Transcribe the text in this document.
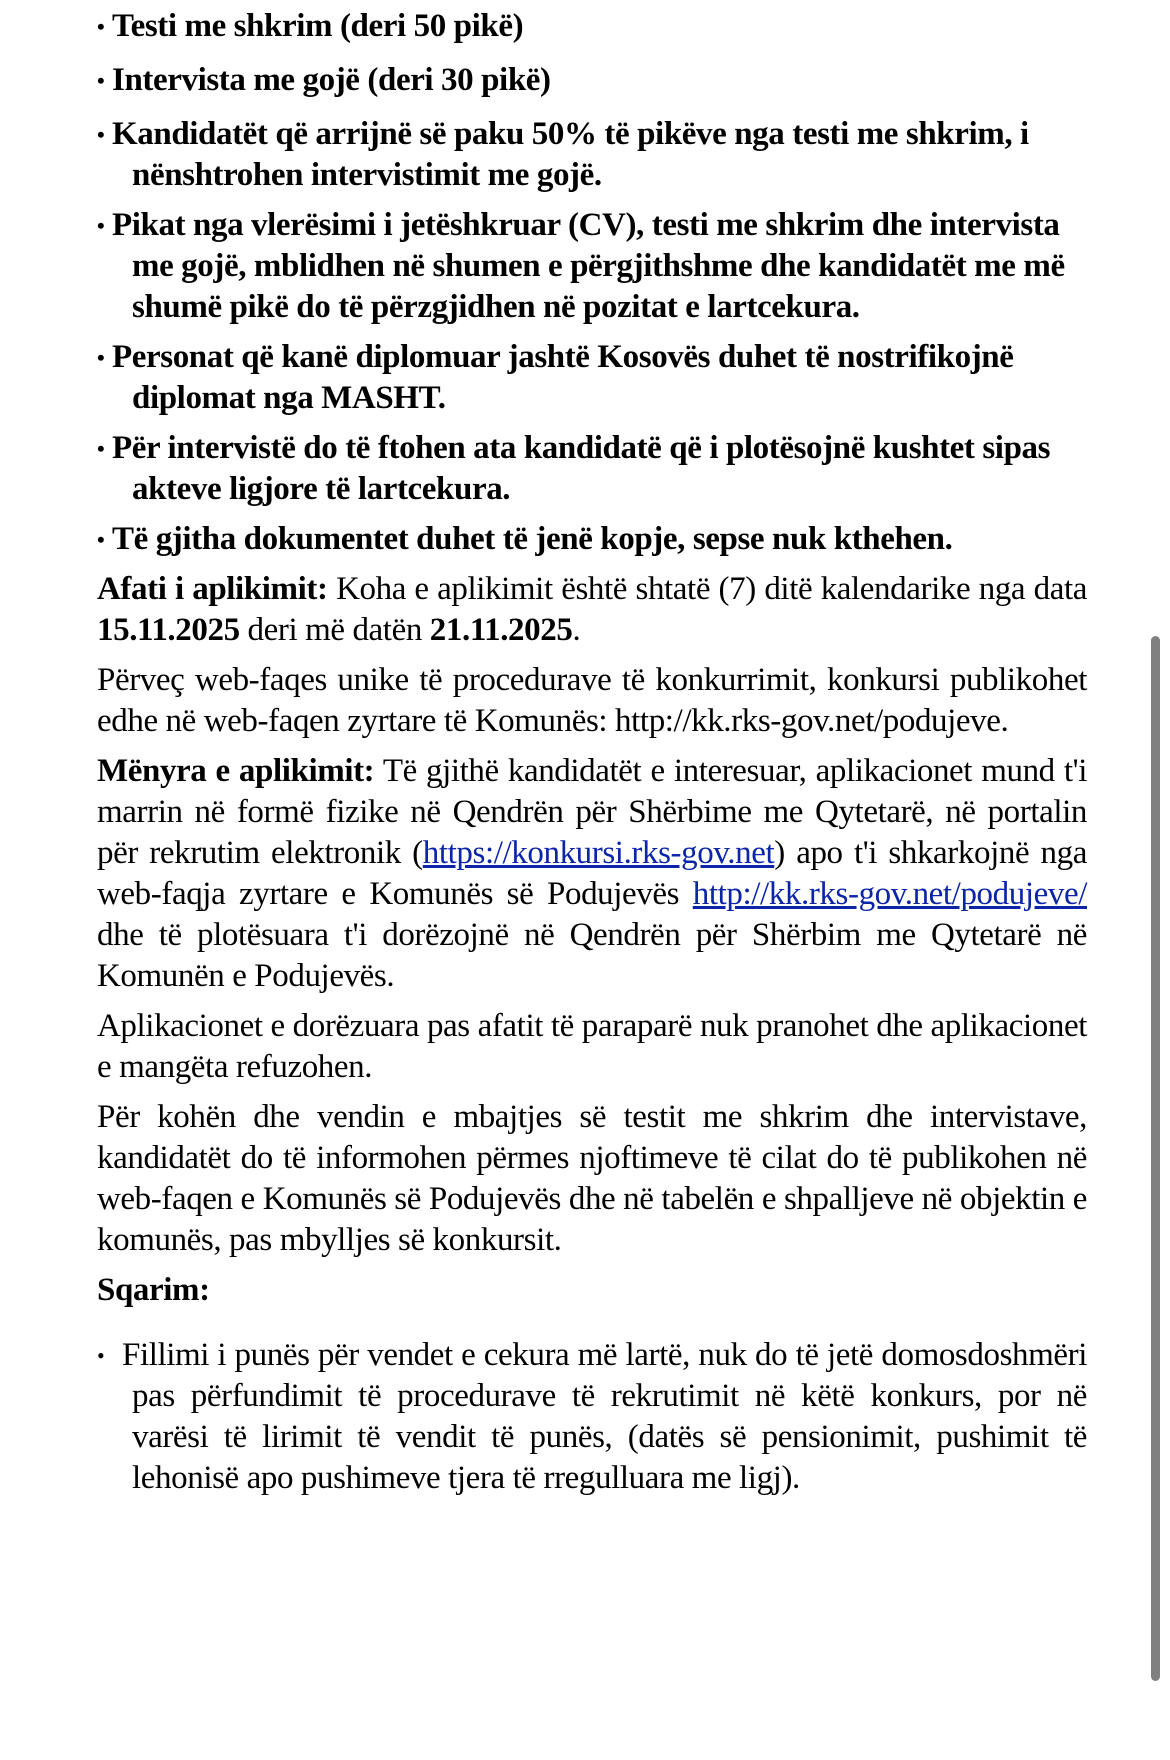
• Testi me shkrim (deri 50 pikë)
• Intervista me gojë (deri 30 pikë)
• Kandidatët që arrijnë së paku 50% të pikëve nga testi me shkrim, i nënshtrohen intervistimit me gojë.
• Pikat nga vlerësimi i jetëshkruar (CV), testi me shkrim dhe intervista me gojë, mblidhen në shumen e përgjithshme dhe kandidatët me më shumë pikë do të përzgjidhen në pozitat e lartcekura.
• Personat që kanë diplomuar jashtë Kosovës duhet të nostrifikojnë diplomat nga MASHT.
• Për intervistë do të ftohen ata kandidatë që i plotësojnë kushtet sipas akteve ligjore të lartcekura.
• Të gjitha dokumentet duhet të jenë kopje, sepse nuk kthehen.

Afati i aplikimit: Koha e aplikimit është shtatë (7) ditë kalendarike nga data 15.11.2025 deri më datën 21.11.2025.

Përveç web-faqes unike të procedurave të konkurrimit, konkursi publikohet edhe në web-faqen zyrtare të Komunës: http://kk.rks-gov.net/podujeve.

Mënyra e aplikimit: Të gjithë kandidatët e interesuar, aplikacionet mund t'i marrin në formë fizike në Qendrën për Shërbime me Qytetarë, në portalin për rekrutim elektronik (https://konkursi.rks-gov.net) apo t'i shkarkojnë nga web-faqja zyrtare e Komunës së Podujevës http://kk.rks-gov.net/podujeve/ dhe të plotësuara t'i dorëzojnë në Qendrën për Shërbim me Qytetarë në Komunën e Podujevës.

Aplikacionet e dorëzuara pas afatit të paraparë nuk pranohet dhe aplikacionet e mangëta refuzohen.

Për kohën dhe vendin e mbajtjes së testit me shkrim dhe intervistave, kandidatët do të informohen përmes njoftimeve të cilat do të publikohen në web-faqen e Komunës së Podujevës dhe në tabelën e shpalljeve në objektin e komunës, pas mbylljes së konkursit.

Sqarim:
• Fillimi i punës për vendet e cekura më lartë, nuk do të jetë domosdoshmëri pas përfundimit të procedurave të rekrutimit në këtë konkurs, por në varësi të lirimit të vendit të punës, (datës së pensionimit, pushimit të lehonisë apo pushimeve tjera të rregulluara me ligj).
